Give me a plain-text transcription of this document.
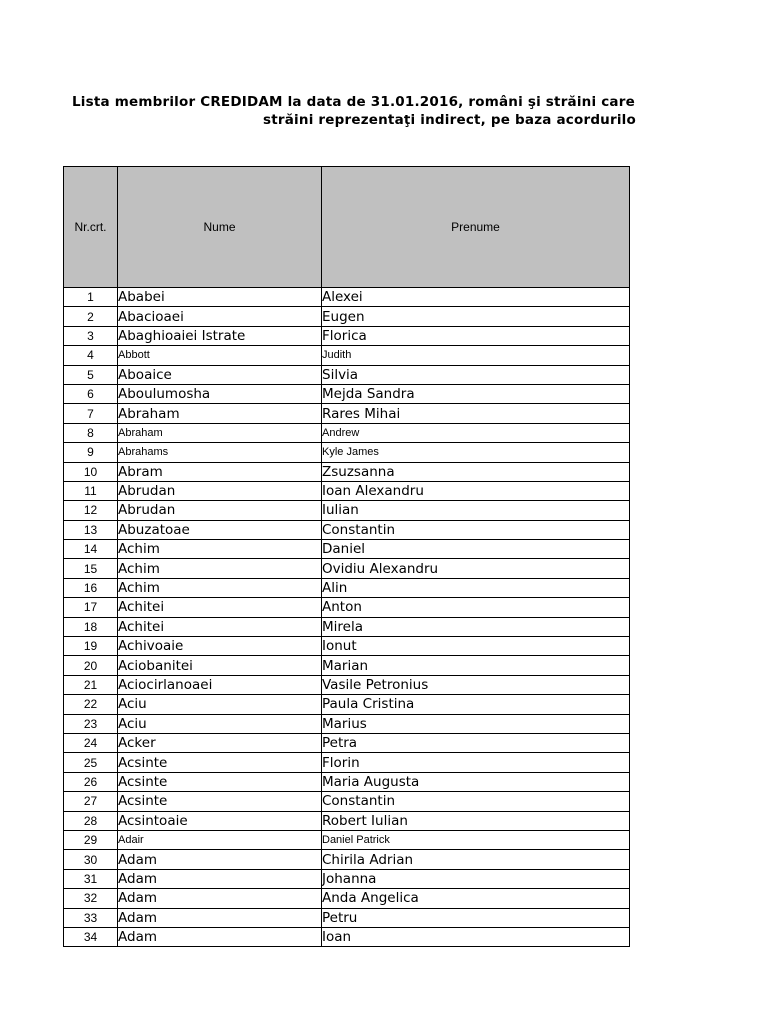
Lista membrilor CREDIDAM la data de 31.01.2016, români şi străini care
străini reprezentaţi indirect, pe baza acordurilo
Nr.crt.	Nume	Prenume
1	Ababei	Alexei
2	Abacioaei	Eugen
3	Abaghioaiei Istrate	Florica
4	Abbott	Judith
5	Aboaice	Silvia
6	Aboulumosha	Mejda Sandra
7	Abraham	Rares Mihai
8	Abraham	Andrew
9	Abrahams	Kyle James
10	Abram	Zsuzsanna
11	Abrudan	Ioan Alexandru
12	Abrudan	Iulian
13	Abuzatoae	Constantin
14	Achim	Daniel
15	Achim	Ovidiu Alexandru
16	Achim	Alin
17	Achitei	Anton
18	Achitei	Mirela
19	Achivoaie	Ionut
20	Aciobanitei	Marian
21	Aciocirlanoaei	Vasile Petronius
22	Aciu	Paula Cristina
23	Aciu	Marius
24	Acker	Petra
25	Acsinte	Florin
26	Acsinte	Maria Augusta
27	Acsinte	Constantin
28	Acsintoaie	Robert Iulian
29	Adair	Daniel Patrick
30	Adam	Chirila Adrian
31	Adam	Johanna
32	Adam	Anda Angelica
33	Adam	Petru
34	Adam	Ioan
